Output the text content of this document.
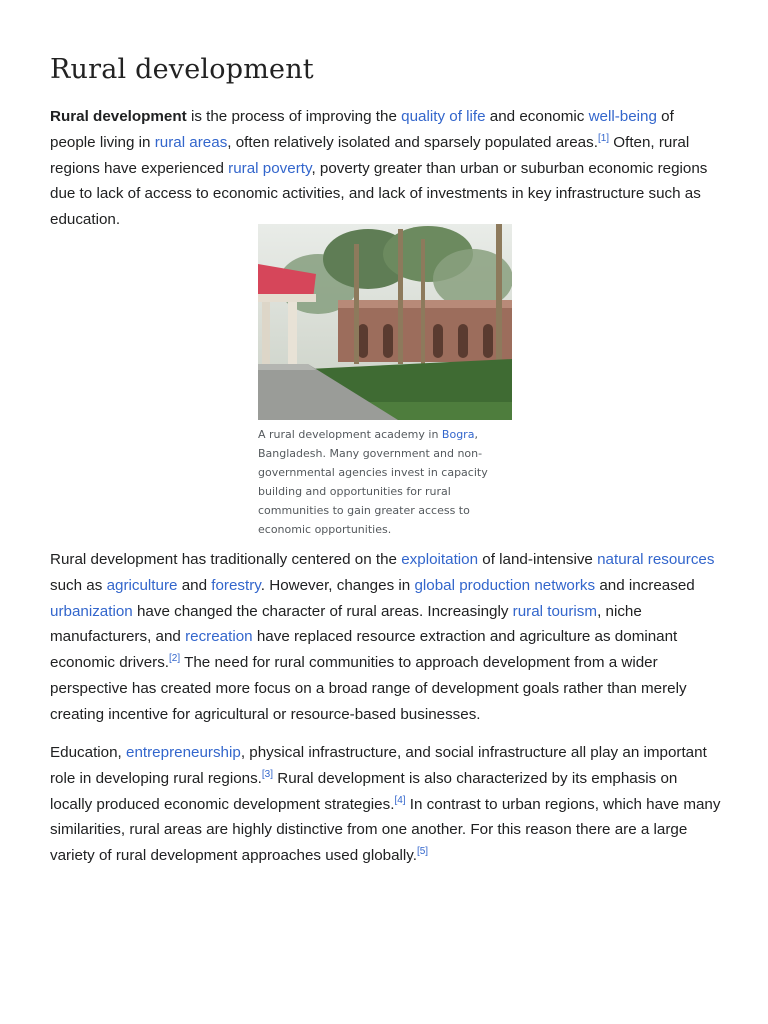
Rural development

Rural development is the process of improving the quality of life and economic well-being of people living in rural areas, often relatively isolated and sparsely populated areas.[1] Often, rural regions have experienced rural poverty, poverty greater than urban or suburban economic regions due to lack of access to economic activities, and lack of investments in key infrastructure such as education.

A rural development academy in Bogra, Bangladesh. Many government and non-governmental agencies invest in capacity building and opportunities for rural communities to gain greater access to economic opportunities.

Rural development has traditionally centered on the exploitation of land-intensive natural resources such as agriculture and forestry. However, changes in global production networks and increased urbanization have changed the character of rural areas. Increasingly rural tourism, niche manufacturers, and recreation have replaced resource extraction and agriculture as dominant economic drivers.[2] The need for rural communities to approach development from a wider perspective has created more focus on a broad range of development goals rather than merely creating incentive for agricultural or resource-based businesses.

Education, entrepreneurship, physical infrastructure, and social infrastructure all play an important role in developing rural regions.[3] Rural development is also characterized by its emphasis on locally produced economic development strategies.[4] In contrast to urban regions, which have many similarities, rural areas are highly distinctive from one another. For this reason there are a large variety of rural development approaches used globally.[5]
